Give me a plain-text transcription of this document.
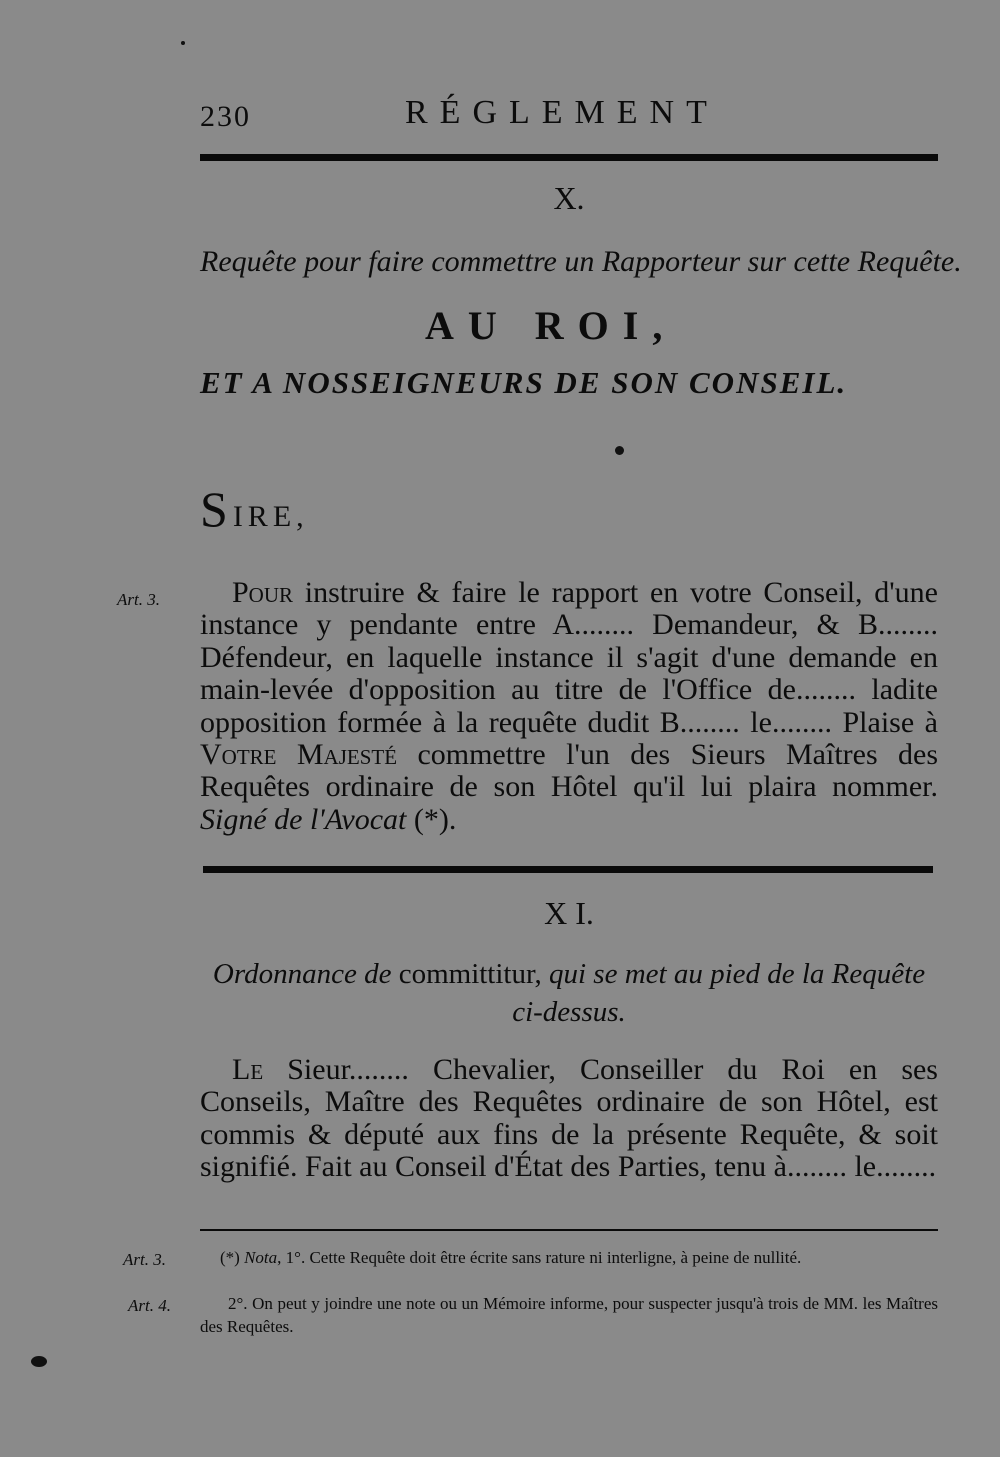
230	RÉGLEMENT
X.
Requête pour faire commettre un Rapporteur sur cette Requête.
AU ROI,
ET A NOSSEIGNEURS DE SON CONSEIL.
SIRE,
Art. 3.	Pour instruire & faire le rapport en votre Conseil, d'une instance y pendante entre A........ Demandeur, & B........ Défendeur, en laquelle instance il s'agit d'une demande en main-levée d'opposition au titre de l'Office de........ ladite opposition formée à la requête dudit B........ le........ Plaise à Votre Majesté commettre l'un des Sieurs Maîtres des Requêtes ordinaire de son Hôtel qu'il lui plaira nommer. Signé de l'Avocat (*).
X I.
Ordonnance de committitur, qui se met au pied de la Requête ci-dessus.
Le Sieur........ Chevalier, Conseiller du Roi en ses Conseils, Maître des Requêtes ordinaire de son Hôtel, est commis & député aux fins de la présente Requête, & soit signifié. Fait au Conseil d'État des Parties, tenu à........ le........
Art. 3.	(*) Nota, 1°. Cette Requête doit être écrite sans rature ni interligne, à peine de nullité.
Art. 4.	2°. On peut y joindre une note ou un Mémoire informe, pour suspecter jusqu'à trois de MM. les Maîtres des Requêtes.
